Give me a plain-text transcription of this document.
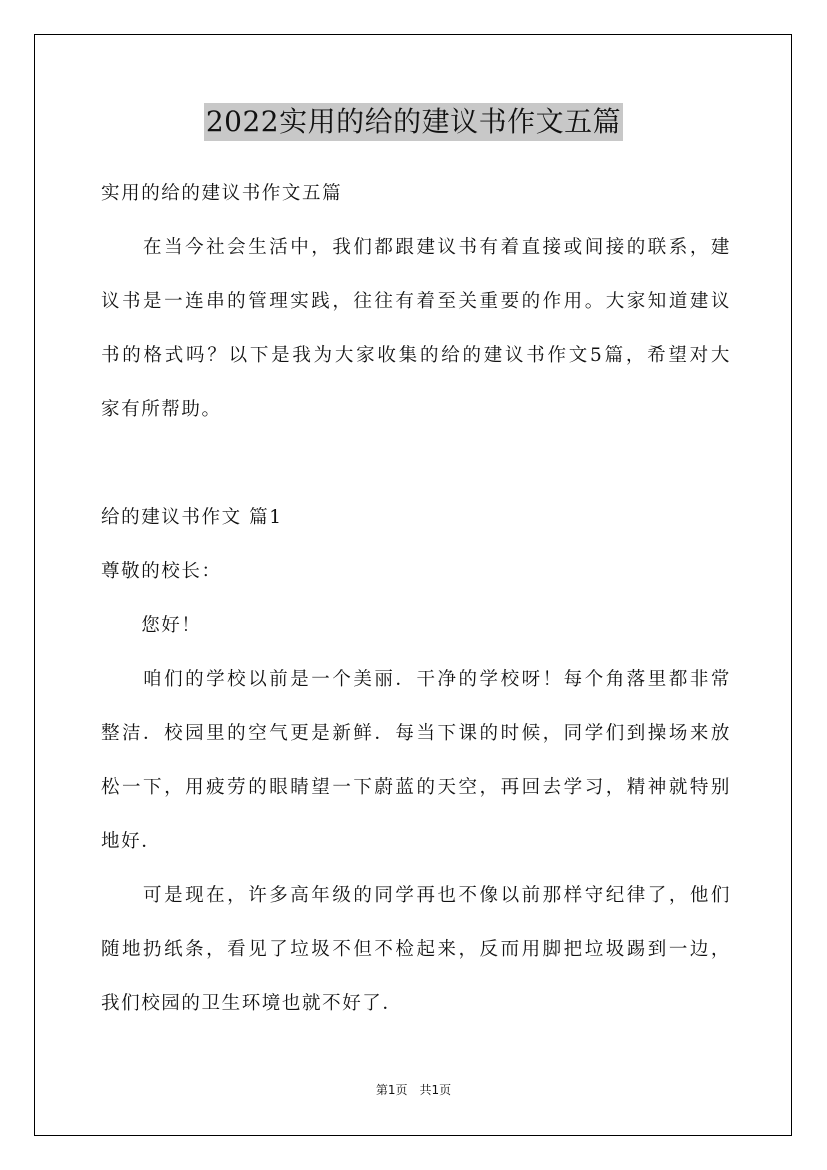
2022实用的给的建议书作文五篇
实用的给的建议书作文五篇
　　在当今社会生活中，我们都跟建议书有着直接或间接的联系，建
议书是一连串的管理实践，往往有着至关重要的作用。大家知道建议
书的格式吗？以下是我为大家收集的给的建议书作文5篇，希望对大
家有所帮助。
给的建议书作文 篇1
尊敬的校长：
　　您好！
　　咱们的学校以前是一个美丽．干净的学校呀！每个角落里都非常
整洁．校园里的空气更是新鲜．每当下课的时候，同学们到操场来放
松一下，用疲劳的眼睛望一下蔚蓝的天空，再回去学习，精神就特别
地好．
　　可是现在，许多高年级的同学再也不像以前那样守纪律了，他们
随地扔纸条，看见了垃圾不但不检起来，反而用脚把垃圾踢到一边，
我们校园的卫生环境也就不好了．
第1页　共1页
